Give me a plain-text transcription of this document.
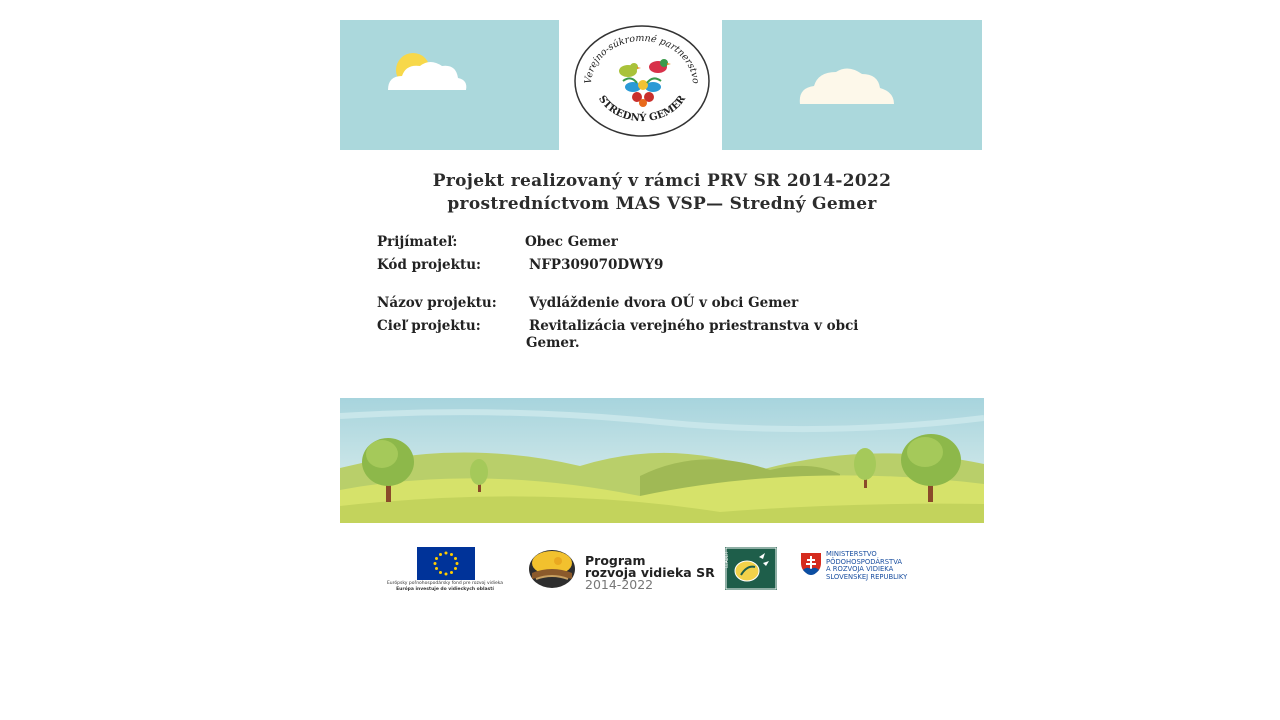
Verejno-súkromné partnerstvo
STREDNÝ GEMER
Projekt realizovaný v rámci PRV SR 2014-2022
prostredníctvom MAS VSP— Stredný Gemer
Prijímateľ:	Obec Gemer
Kód projektu:	NFP309070DWY9
Názov projektu: Vydláždenie dvora OÚ v obci Gemer
Cieľ projektu:	Revitalizácia verejného priestranstva v obci
Gemer.
Európsky poľnohospodársky fond pre rozvoj vidieka
Európa investuje do vidieckych oblastí
Program
rozvoja vidieka SR
2014-2022
LEADER	MINISTERSTVO
PÔDOHOSPODÁRSTVA
A ROZVOJA VIDIEKA
SLOVENSKEJ REPUBLIKY
